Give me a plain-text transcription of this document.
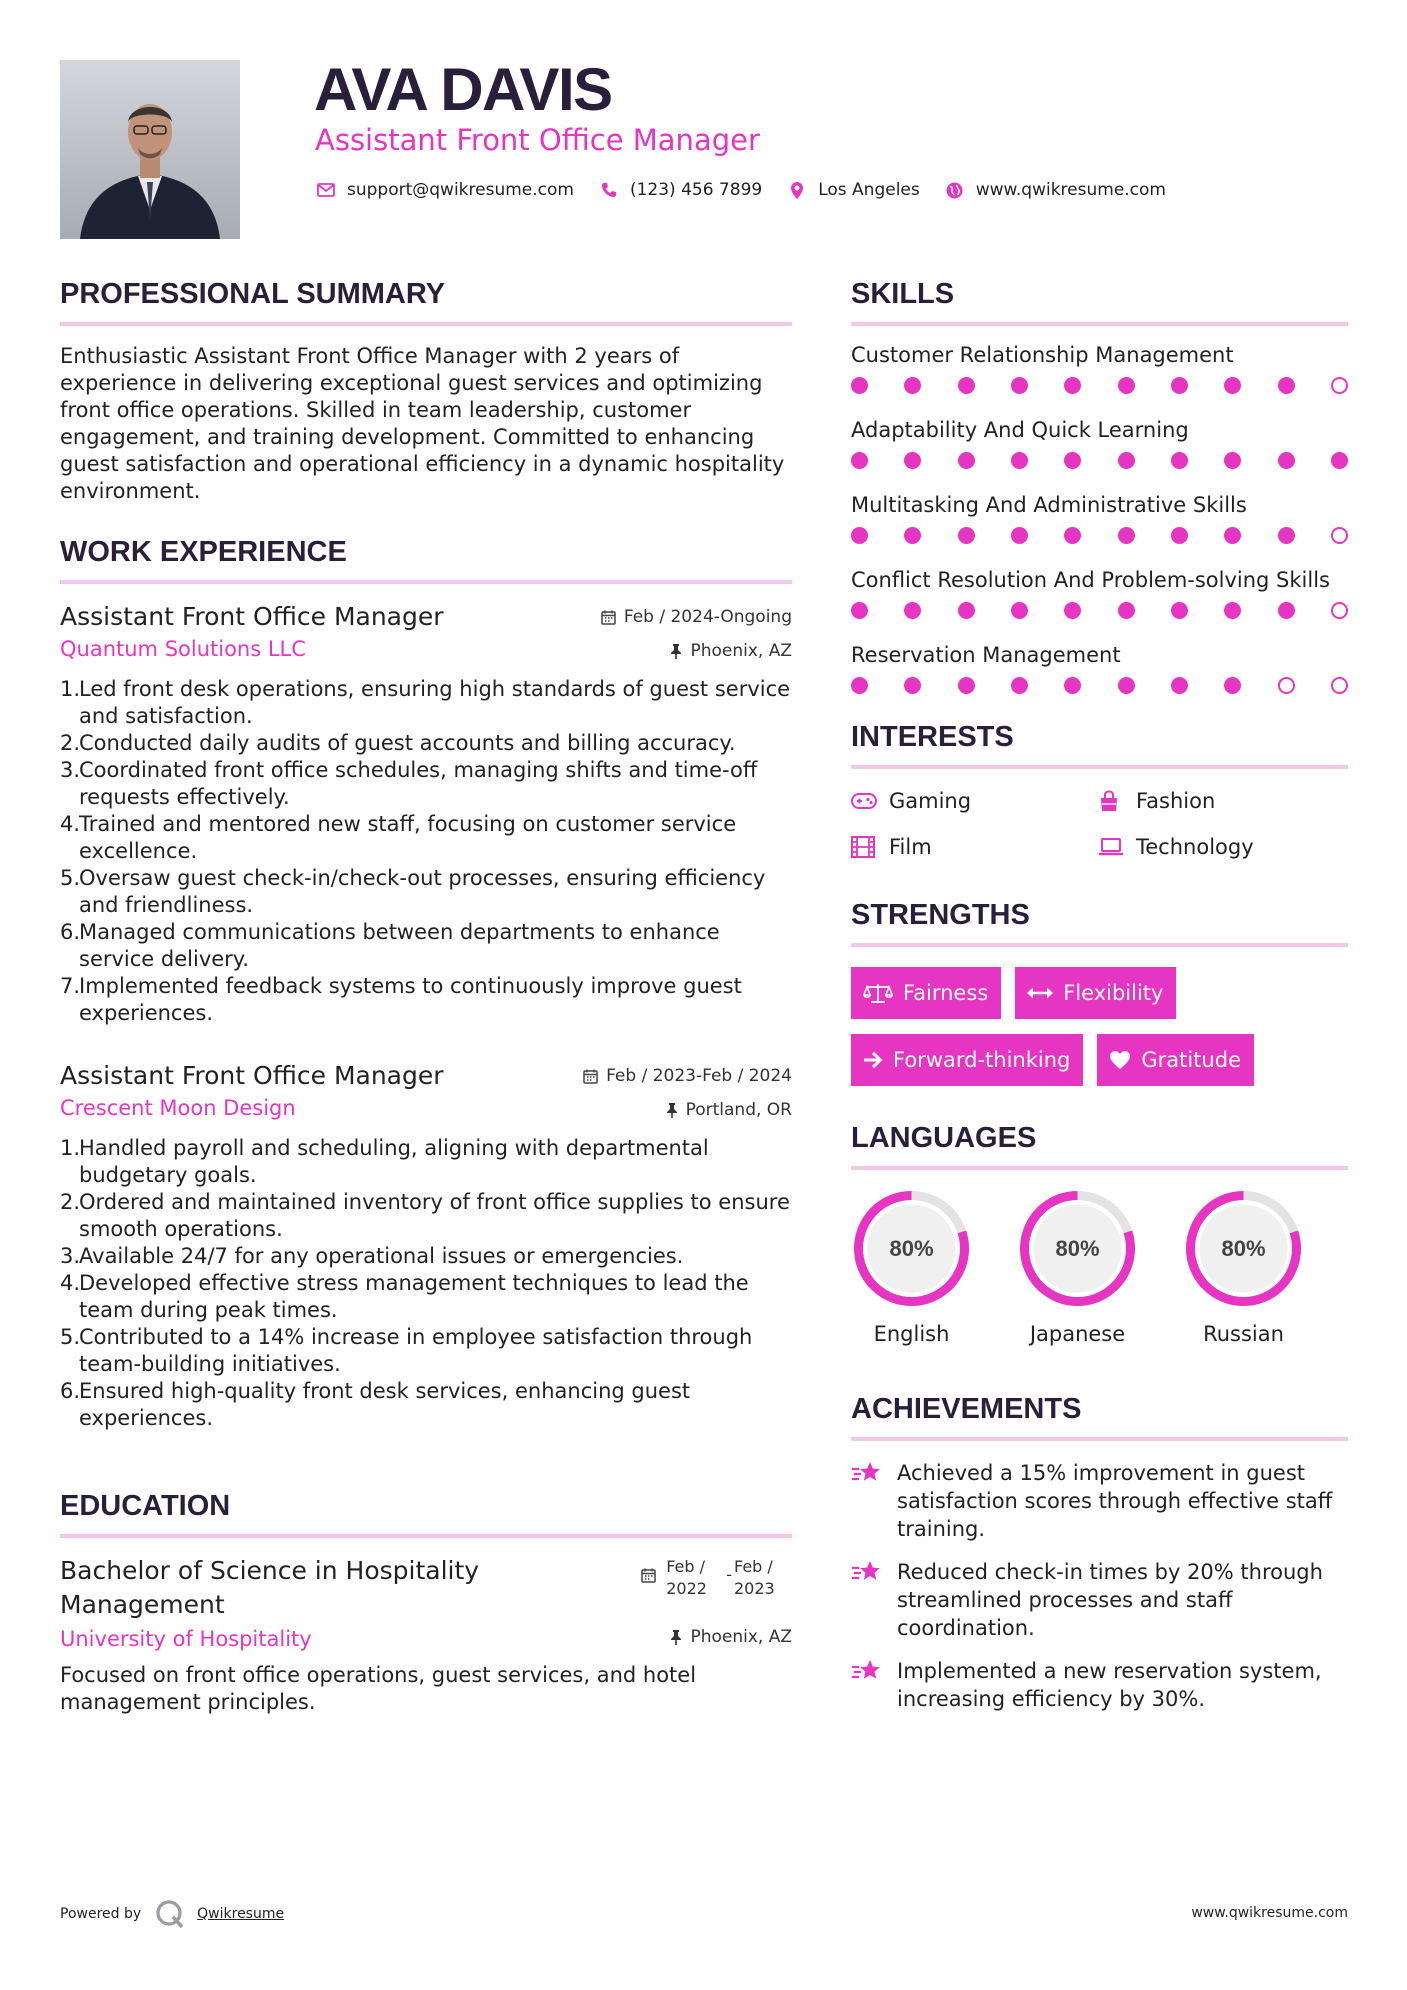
AVA DAVIS
Assistant Front Office Manager
support@qwikresume.com	(123) 456 7899	Los Angeles	www.qwikresume.com
PROFESSIONAL SUMMARY

Enthusiastic Assistant Front Office Manager with 2 years of experience in delivering exceptional guest services and optimizing front office operations. Skilled in team leadership, customer engagement, and training development. Committed to enhancing guest satisfaction and operational efficiency in a dynamic hospitality environment.

WORK EXPERIENCE
Assistant Front Office Manager
Quantum Solutions LLC
Feb / 2024-Ongoing
Phoenix, AZ
1.
Led front desk operations, ensuring high standards of guest service and satisfaction.
2.
Conducted daily audits of guest accounts and billing accuracy.
3.
Coordinated front office schedules, managing shifts and time-off requests effectively.
4.
Trained and mentored new staff, focusing on customer service excellence.
5.
Oversaw guest check-in/check-out processes, ensuring efficiency and friendliness.
6.
Managed communications between departments to enhance service delivery.
7.
Implemented feedback systems to continuously improve guest experiences.
Assistant Front Office Manager
Crescent Moon Design
Feb / 2023-Feb / 2024
Portland, OR
1.
Handled payroll and scheduling, aligning with departmental budgetary goals.
2.
Ordered and maintained inventory of front office supplies to ensure smooth operations.
3.
Available 24/7 for any operational issues or emergencies.
4.
Developed effective stress management techniques to lead the team during peak times.
5.
Contributed to a 14% increase in employee satisfaction through team-building initiatives.
6.
Ensured high-quality front desk services, enhancing guest experiences.
EDUCATION
Bachelor of Science in Hospitality Management
Feb / 2022
- Feb / 2023
University of Hospitality	Phoenix, AZ

Focused on front office operations, guest services, and hotel management principles.

SKILLS
Customer Relationship Management
Adaptability And Quick Learning
Multitasking And Administrative Skills
Conflict Resolution And Problem-solving Skills
Reservation Management
INTERESTS
Gaming	Fashion
Film	Technology
STRENGTHS
Fairness	Flexibility
Forward-thinking	Gratitude
LANGUAGES
80%
English
80%
Japanese
80%
Russian
ACHIEVEMENTS
Achieved a 15% improvement in guest satisfaction scores through effective staff training.
Reduced check-in times by 20% through streamlined processes and staff coordination.
Implemented a new reservation system, increasing efficiency by 30%.
Powered by	Qwikresume	www.qwikresume.com
